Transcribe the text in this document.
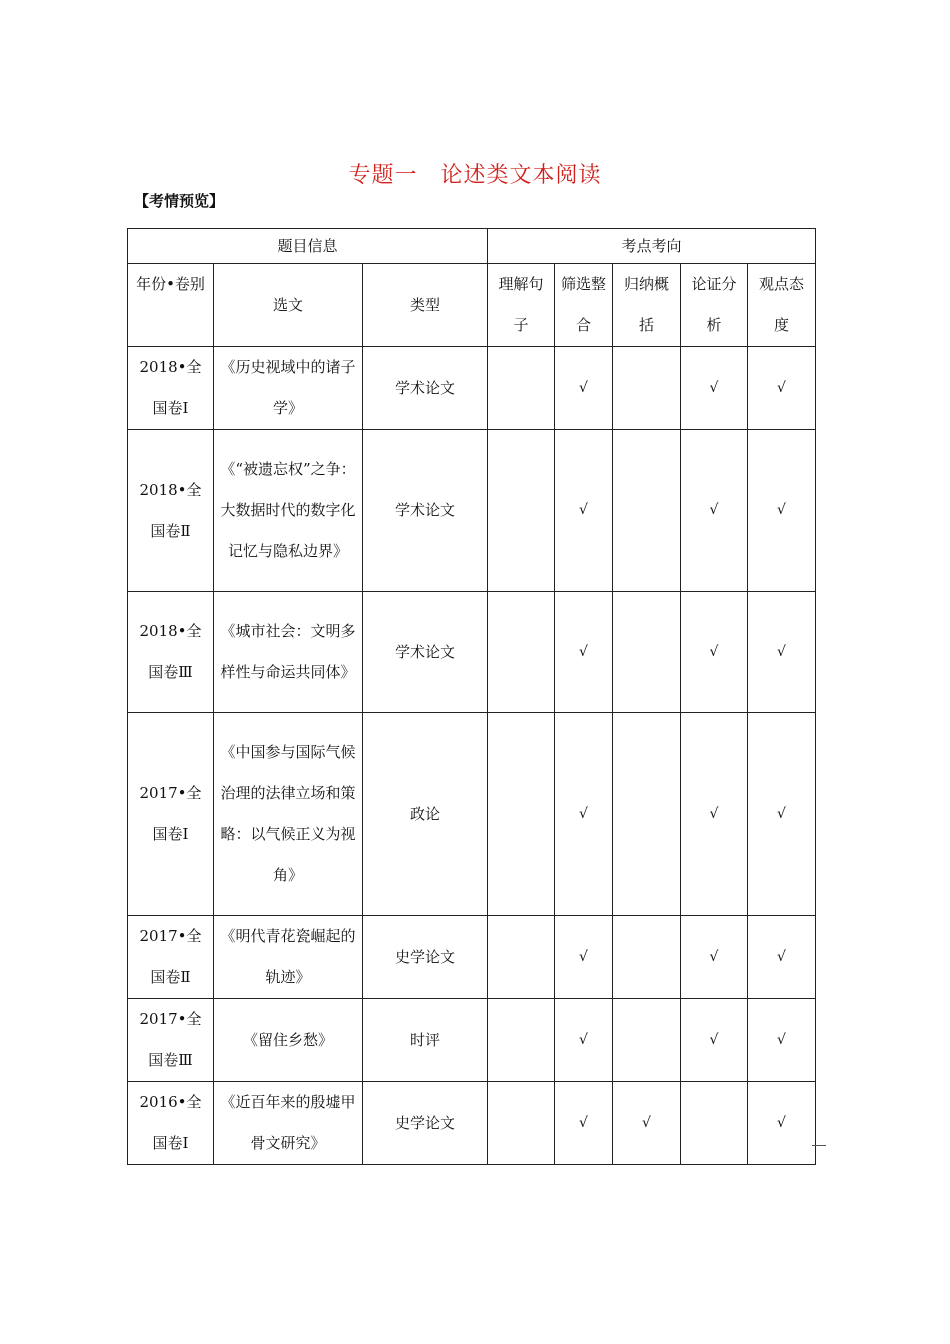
专题一　论述类文本阅读
【考情预览】
题目信息			考点考向				
年份•卷别	选文	类型	理解句子	筛选整合	归纳概括	论证分析	观点态度
2018•全国卷Ⅰ	《历史视域中的诸子学》	学术论文		√		√	√
2018•全国卷Ⅱ	《“被遗忘权”之争：大数据时代的数字化记忆与隐私边界》	学术论文		√		√	√
2018•全国卷Ⅲ	《城市社会：文明多样性与命运共同体》	学术论文		√		√	√
2017•全国卷Ⅰ	《中国参与国际气候治理的法律立场和策略：以气候正义为视角》	政论		√		√	√
2017•全国卷Ⅱ	《明代青花瓷崛起的轨迹》	史学论文		√		√	√
2017•全国卷Ⅲ	《留住乡愁》	时评		√		√	√
2016•全国卷Ⅰ	《近百年来的殷墟甲骨文研究》	史学论文		√	√		√
